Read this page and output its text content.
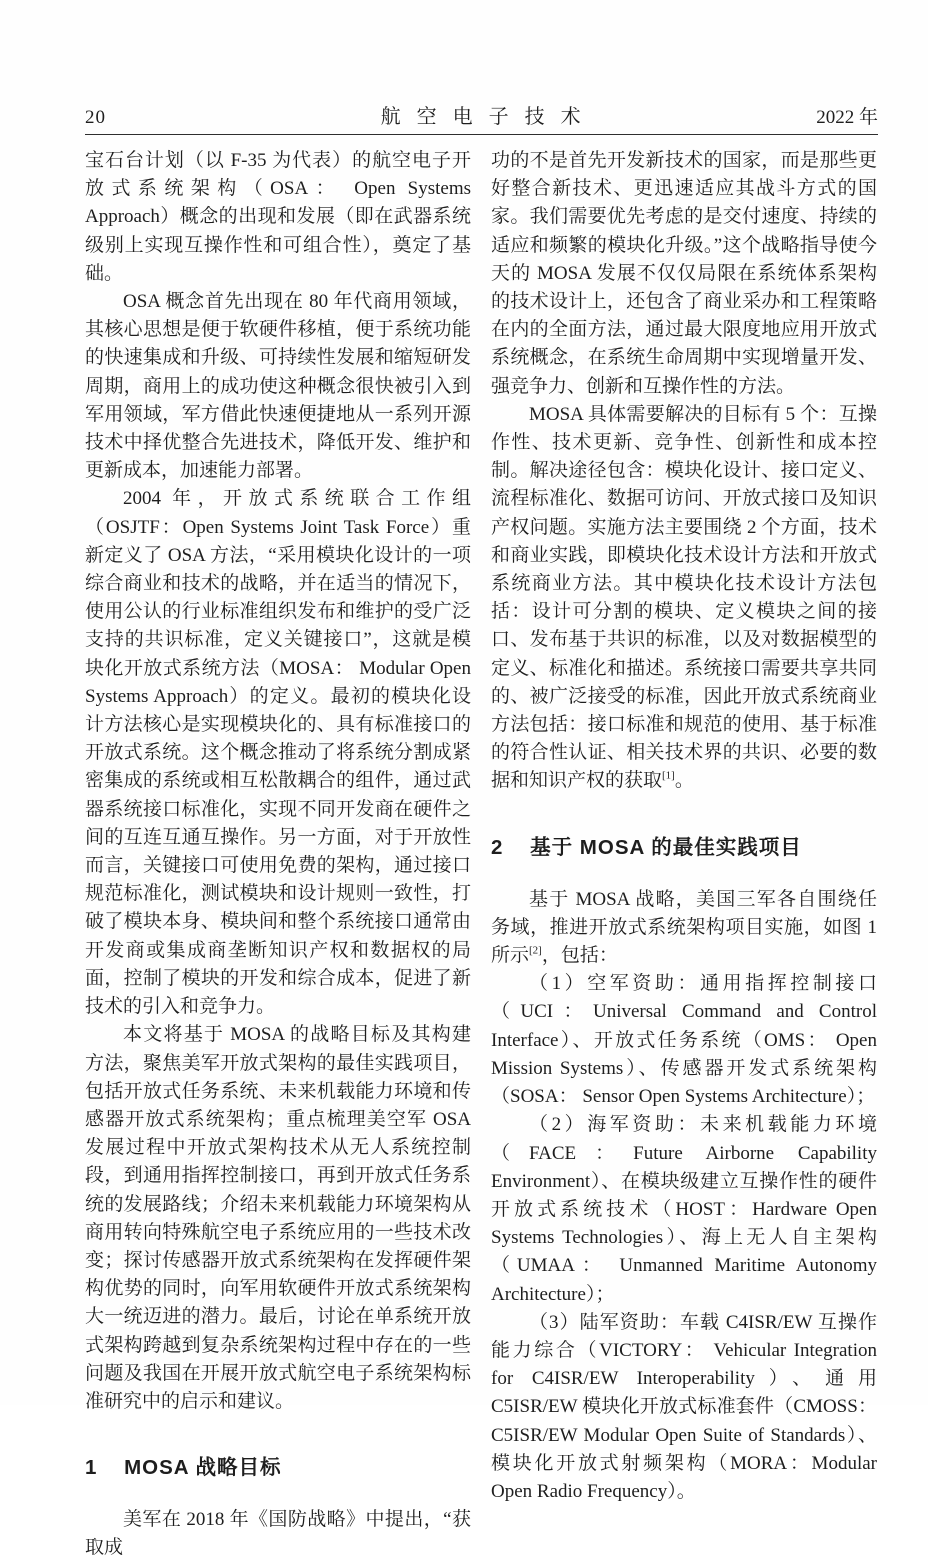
20	航空电子技术	2022 年

宝石台计划（以 F-35 为代表）的航空电子开放式系统架构（OSA： Open Systems Approach）概念的出现和发展（即在武器系统级别上实现互操作性和可组合性），奠定了基础。

OSA 概念首先出现在 80 年代商用领域，其核心思想是便于软硬件移植，便于系统功能的快速集成和升级、可持续性发展和缩短研发周期，商用上的成功使这种概念很快被引入到军用领域，军方借此快速便捷地从一系列开源技术中择优整合先进技术，降低开发、维护和更新成本，加速能力部署。

2004 年，开放式系统联合工作组（OSJTF：Open Systems Joint Task Force）重新定义了 OSA 方法，“采用模块化设计的一项综合商业和技术的战略，并在适当的情况下，使用公认的行业标准组织发布和维护的受广泛支持的共识标准，定义关键接口”，这就是模块化开放式系统方法（MOSA： Modular Open Systems Approach）的定义。最初的模块化设计方法核心是实现模块化的、具有标准接口的开放式系统。这个概念推动了将系统分割成紧密集成的系统或相互松散耦合的组件，通过武器系统接口标准化，实现不同开发商在硬件之间的互连互通互操作。另一方面，对于开放性而言，关键接口可使用免费的架构，通过接口规范标准化，测试模块和设计规则一致性，打破了模块本身、模块间和整个系统接口通常由开发商或集成商垄断知识产权和数据权的局面，控制了模块的开发和综合成本，促进了新技术的引入和竞争力。

本文将基于 MOSA 的战略目标及其构建方法，聚焦美军开放式架构的最佳实践项目，包括开放式任务系统、未来机载能力环境和传感器开放式系统架构；重点梳理美空军 OSA 发展过程中开放式架构技术从无人系统控制段，到通用指挥控制接口，再到开放式任务系统的发展路线；介绍未来机载能力环境架构从商用转向特殊航空电子系统应用的一些技术改变；探讨传感器开放式系统架构在发挥硬件架构优势的同时，向军用软硬件开放式系统架构大一统迈进的潜力。最后，讨论在单系统开放式架构跨越到复杂系统架构过程中存在的一些问题及我国在开展开放式航空电子系统架构标准研究中的启示和建议。

1 MOSA 战略目标

美军在 2018 年《国防战略》中提出，“获取成

功的不是首先开发新技术的国家，而是那些更好整合新技术、更迅速适应其战斗方式的国家。我们需要优先考虑的是交付速度、持续的适应和频繁的模块化升级。”这个战略指导使今天的 MOSA 发展不仅仅局限在系统体系架构的技术设计上，还包含了商业采办和工程策略在内的全面方法，通过最大限度地应用开放式系统概念，在系统生命周期中实现增量开发、强竞争力、创新和互操作性的方法。

MOSA 具体需要解决的目标有 5 个：互操作性、技术更新、竞争性、创新性和成本控制。解决途径包含：模块化设计、接口定义、流程标准化、数据可访问、开放式接口及知识产权问题。实施方法主要围绕 2 个方面，技术和商业实践，即模块化技术设计方法和开放式系统商业方法。其中模块化技术设计方法包括：设计可分割的模块、定义模块之间的接口、发布基于共识的标准，以及对数据模型的定义、标准化和描述。系统接口需要共享共同的、被广泛接受的标准，因此开放式系统商业方法包括：接口标准和规范的使用、基于标准的符合性认证、相关技术界的共识、必要的数据和知识产权的获取[1]。

2 基于 MOSA 的最佳实践项目

基于 MOSA 战略，美国三军各自围绕任务域，推进开放式系统架构项目实施，如图 1 所示[2]，包括：

（1）空军资助：通用指挥控制接口（UCI：Universal Command and Control Interface）、开放式任务系统（OMS： Open Mission Systems）、传感器开发式系统架构（SOSA： Sensor Open Systems Architecture）；

（2）海军资助：未来机载能力环境（FACE：Future Airborne Capability Environment）、在模块级建立互操作性的硬件开放式系统技术（HOST：Hardware Open Systems Technologies）、海上无人自主架构（UMAA： Unmanned Maritime Autonomy Architecture）；

（3）陆军资助：车载 C4ISR/EW 互操作能力综合（VICTORY： Vehicular Integration for C4ISR/EW Interoperability）、通用 C5ISR/EW 模块化开放式标准套件（CMOSS： C5ISR/EW Modular Open Suite of Standards）、模块化开放式射频架构（MORA：Modular Open Radio Frequency）。
